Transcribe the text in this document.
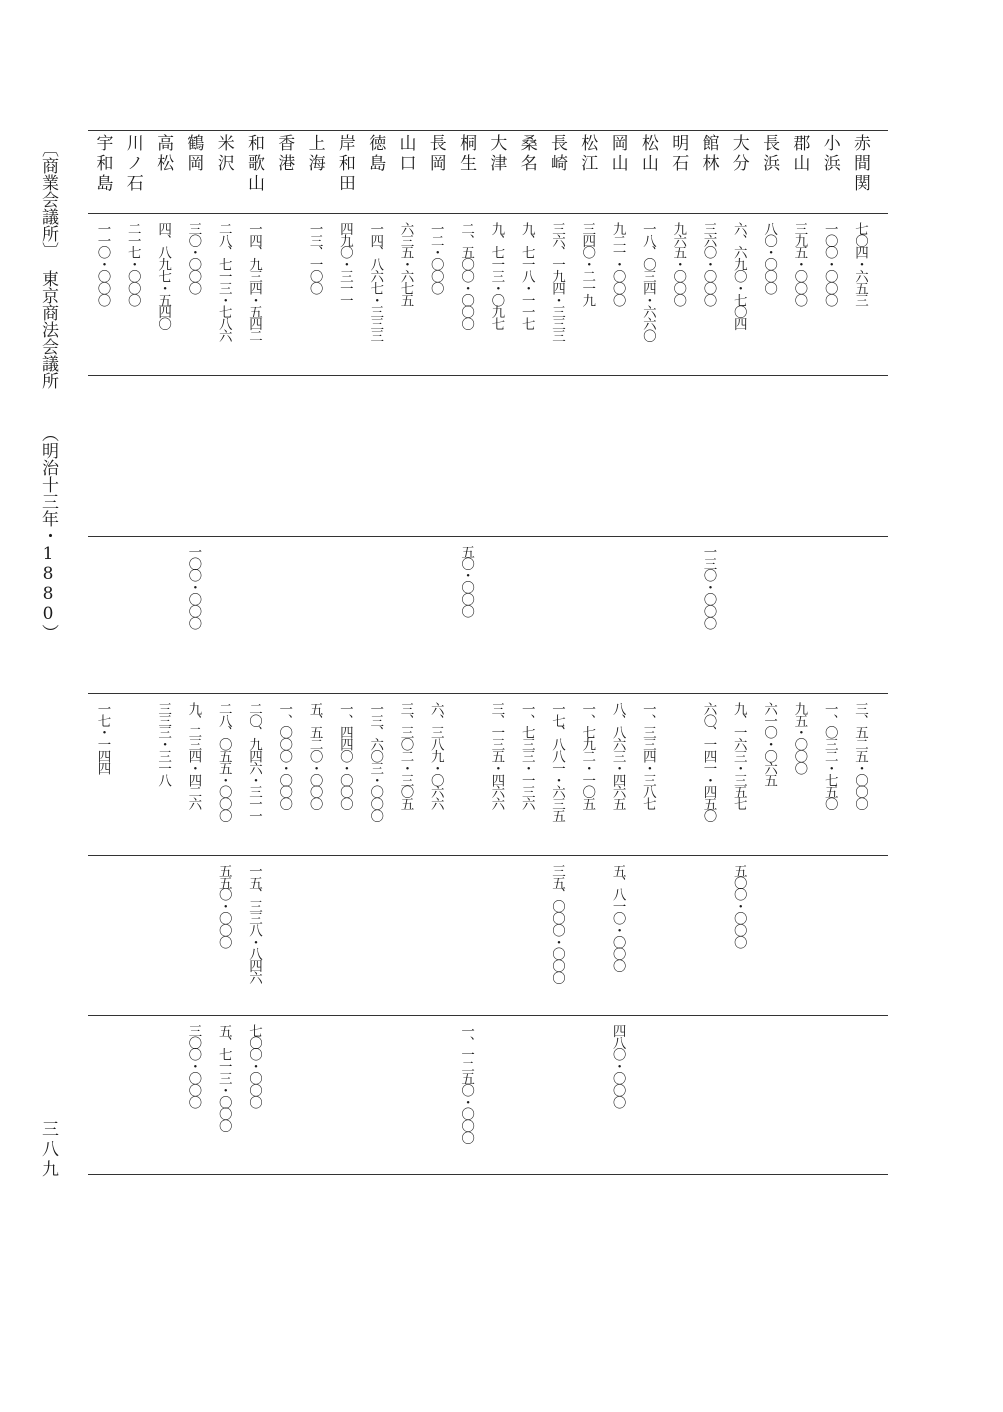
〔商業会議所〕
東京商法会議所
（明治十三年・1880）
三八九
赤間関
七〇四・六五三
三、五二五・〇〇〇
小浜
一〇〇・〇〇〇
一、〇三二・七五〇
郡山
三九五・〇〇〇
九五・〇〇〇
長浜
八〇・〇〇〇
六一〇・〇六五
大分
六、六九〇・七〇四
九、一六三・三五七
五〇〇・〇〇〇
館林
三六〇・〇〇〇
一三〇・〇〇〇
六〇、一四一・四五〇
明石
九六五・〇〇〇
松山
一八、〇三四・六六〇
一、三三四・三八七
岡山
九二一・〇〇〇
八、八六三・四六五
五、八一〇・〇〇〇
四八〇・〇〇〇
松江
三四〇・二一九
一、七九二・一〇五
長崎
三六、一九四・三三三
一七、八八一・六三五
三五、〇〇〇・〇〇〇
桑名
九、七一八・一一七
一、七三三・一三六
大津
九、七一三・〇九七
三、一三五・四六六
桐生
二、五〇〇・〇〇〇
五〇・〇〇〇
一、一二五〇・〇〇〇
長岡
一二・〇〇〇
六、三八九・〇六六
山口
六三五・六七五
三、三〇二・三〇五
徳島
一四、八六七・三三三
一三、六〇三・〇〇〇
岸和田
四九〇・三一一
一、四四〇・〇〇〇
上海
一三、一〇〇
五、五二〇・〇〇〇
香港
一、〇〇〇・〇〇〇
和歌山
一四、九三四・五四二
二〇、九四六・三一一
一五、三三八・八四六
七〇〇・〇〇〇
米沢
二八、七一三・七八六
二八、〇五五・〇〇〇
五五〇・〇〇〇
五、七一三・〇〇〇
鶴岡
三〇・〇〇〇
一〇〇・〇〇〇
九、二三四・四二六
三〇〇・〇〇〇
高松
四、八九七・五四〇
三三三・三一八
川ノ石
二一七・〇〇〇
宇和島
一一〇・〇〇〇
一七・一四四
